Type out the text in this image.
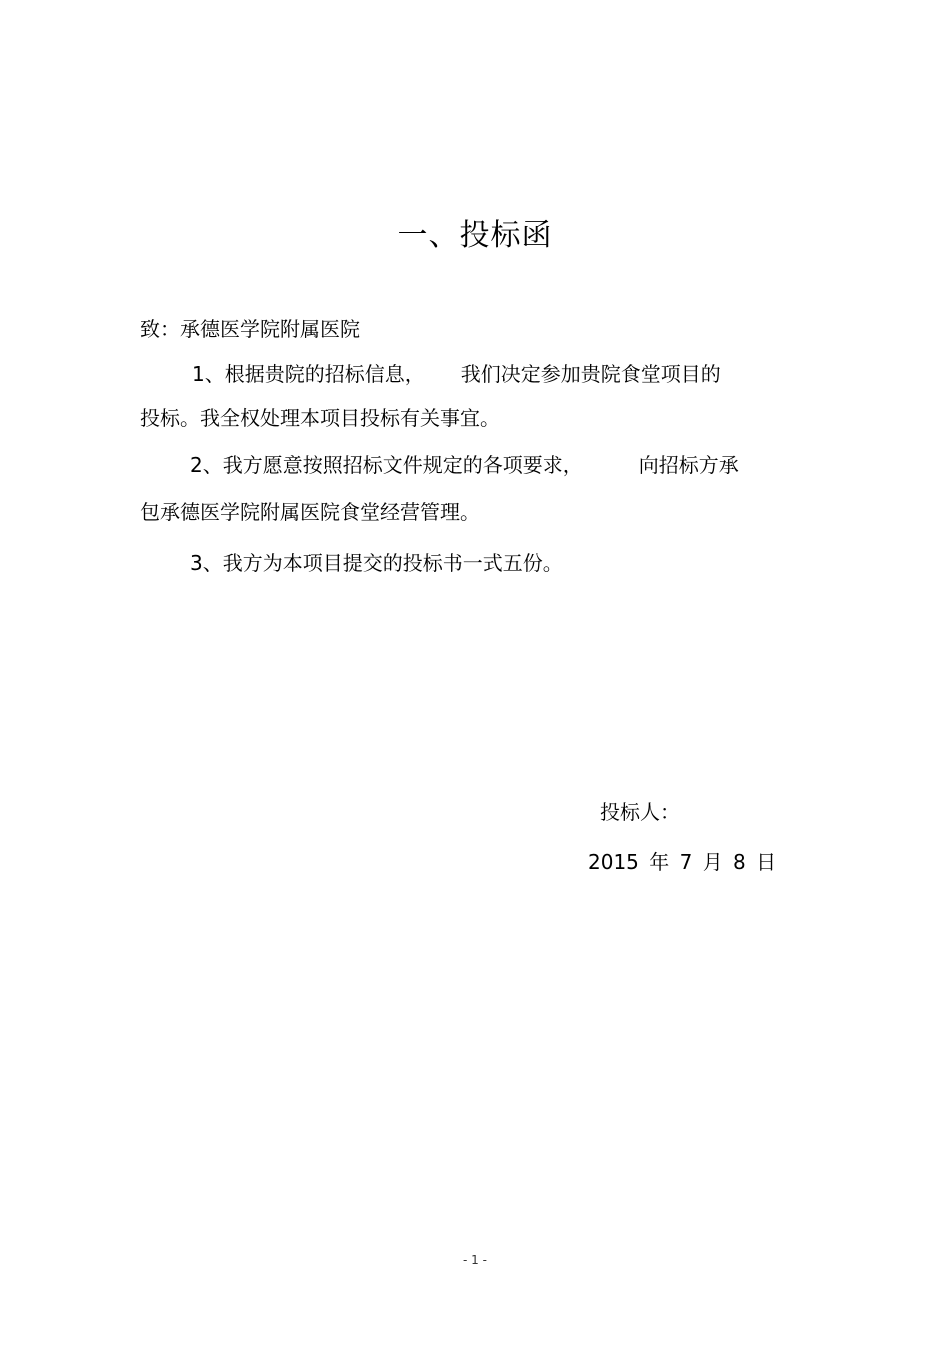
一、投标函
致：承德医学院附属医院
1、根据贵院的招标信息， 我们决定参加贵院食堂项目的
投标。我全权处理本项目投标有关事宜。
2、我方愿意按照招标文件规定的各项要求，	向招标方承
包承德医学院附属医院食堂经营管理。
3、我方为本项目提交的投标书一式五份。
投标人：
2015 年 7 月 8 日
- 1 -
